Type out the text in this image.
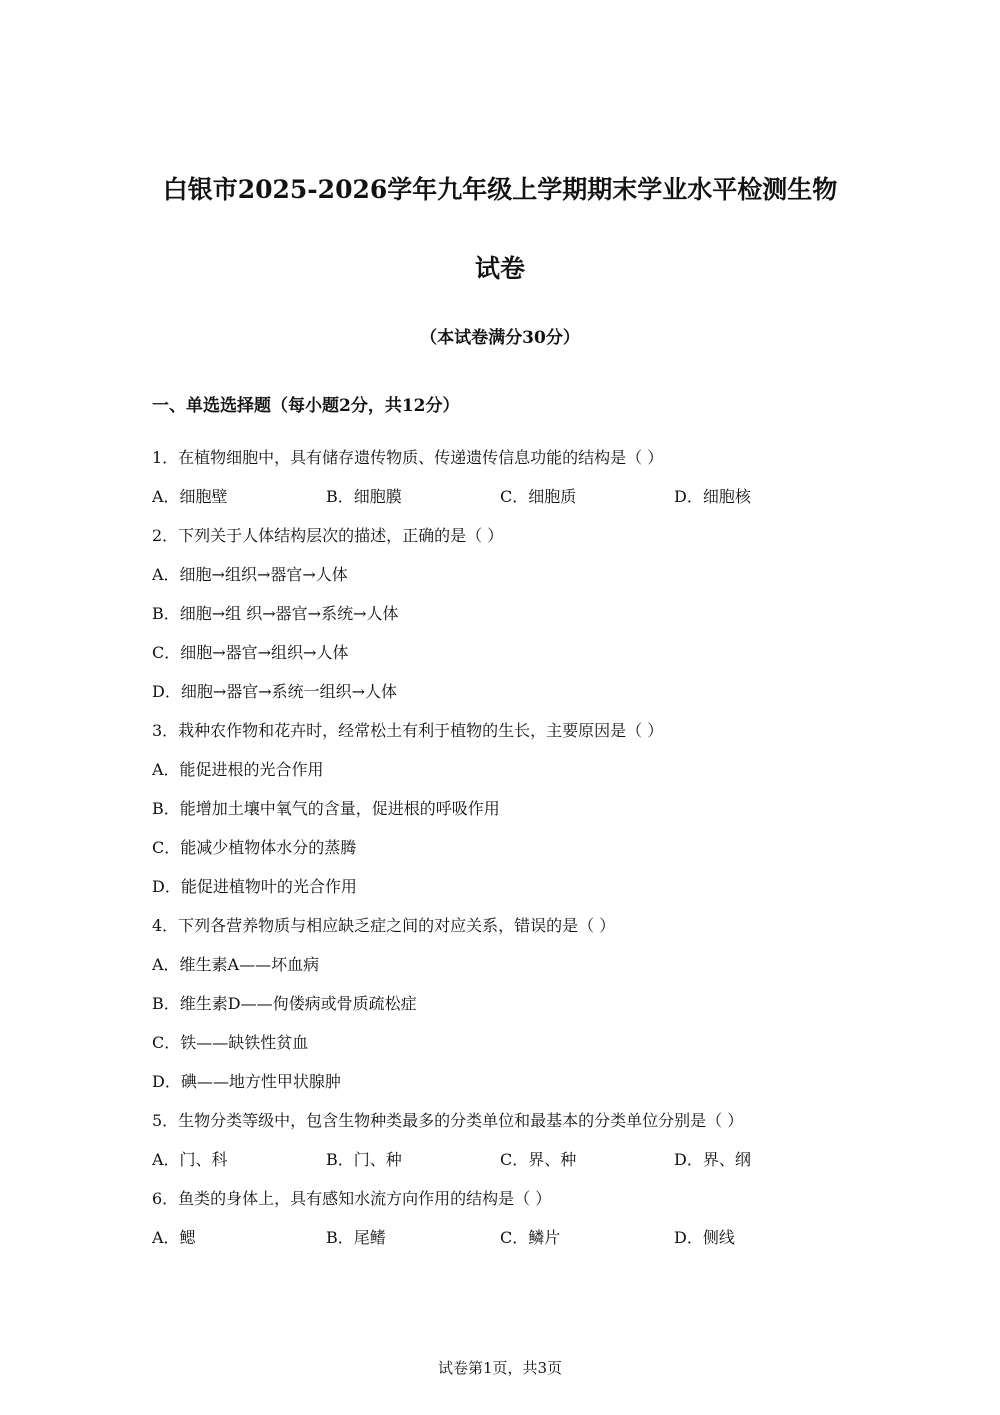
白银市2025-2026学年九年级上学期期末学业水平检测生物
试卷
（本试卷满分30分）
一、单选选择题（每小题2分，共12分）
1．在植物细胞中，具有储存遗传物质、传递遗传信息功能的结构是（ ）
A．细胞壁	B．细胞膜	C．细胞质	D．细胞核
2．下列关于人体结构层次的描述，正确的是（ ）
A．细胞→组织→器官→人体
B．细胞→组 织→器官→系统→人体
C．细胞→器官→组织→人体
D．细胞→器官→系统一组织→人体
3．栽种农作物和花卉时，经常松土有利于植物的生长，主要原因是（ ）
A．能促进根的光合作用
B．能增加土壤中氧气的含量，促进根的呼吸作用
C．能减少植物体水分的蒸腾
D．能促进植物叶的光合作用
4．下列各营养物质与相应缺乏症之间的对应关系，错误的是（ ）
A．维生素A——坏血病
B．维生素D——佝偻病或骨质疏松症
C．铁——缺铁性贫血
D．碘——地方性甲状腺肿
5．生物分类等级中，包含生物种类最多的分类单位和最基本的分类单位分别是（ ）
A．门、科	B．门、种	C．界、种	D．界、纲
6．鱼类的身体上，具有感知水流方向作用的结构是（ ）
A．鳃	B．尾鳍	C．鳞片	D．侧线
试卷第1页，共3页
